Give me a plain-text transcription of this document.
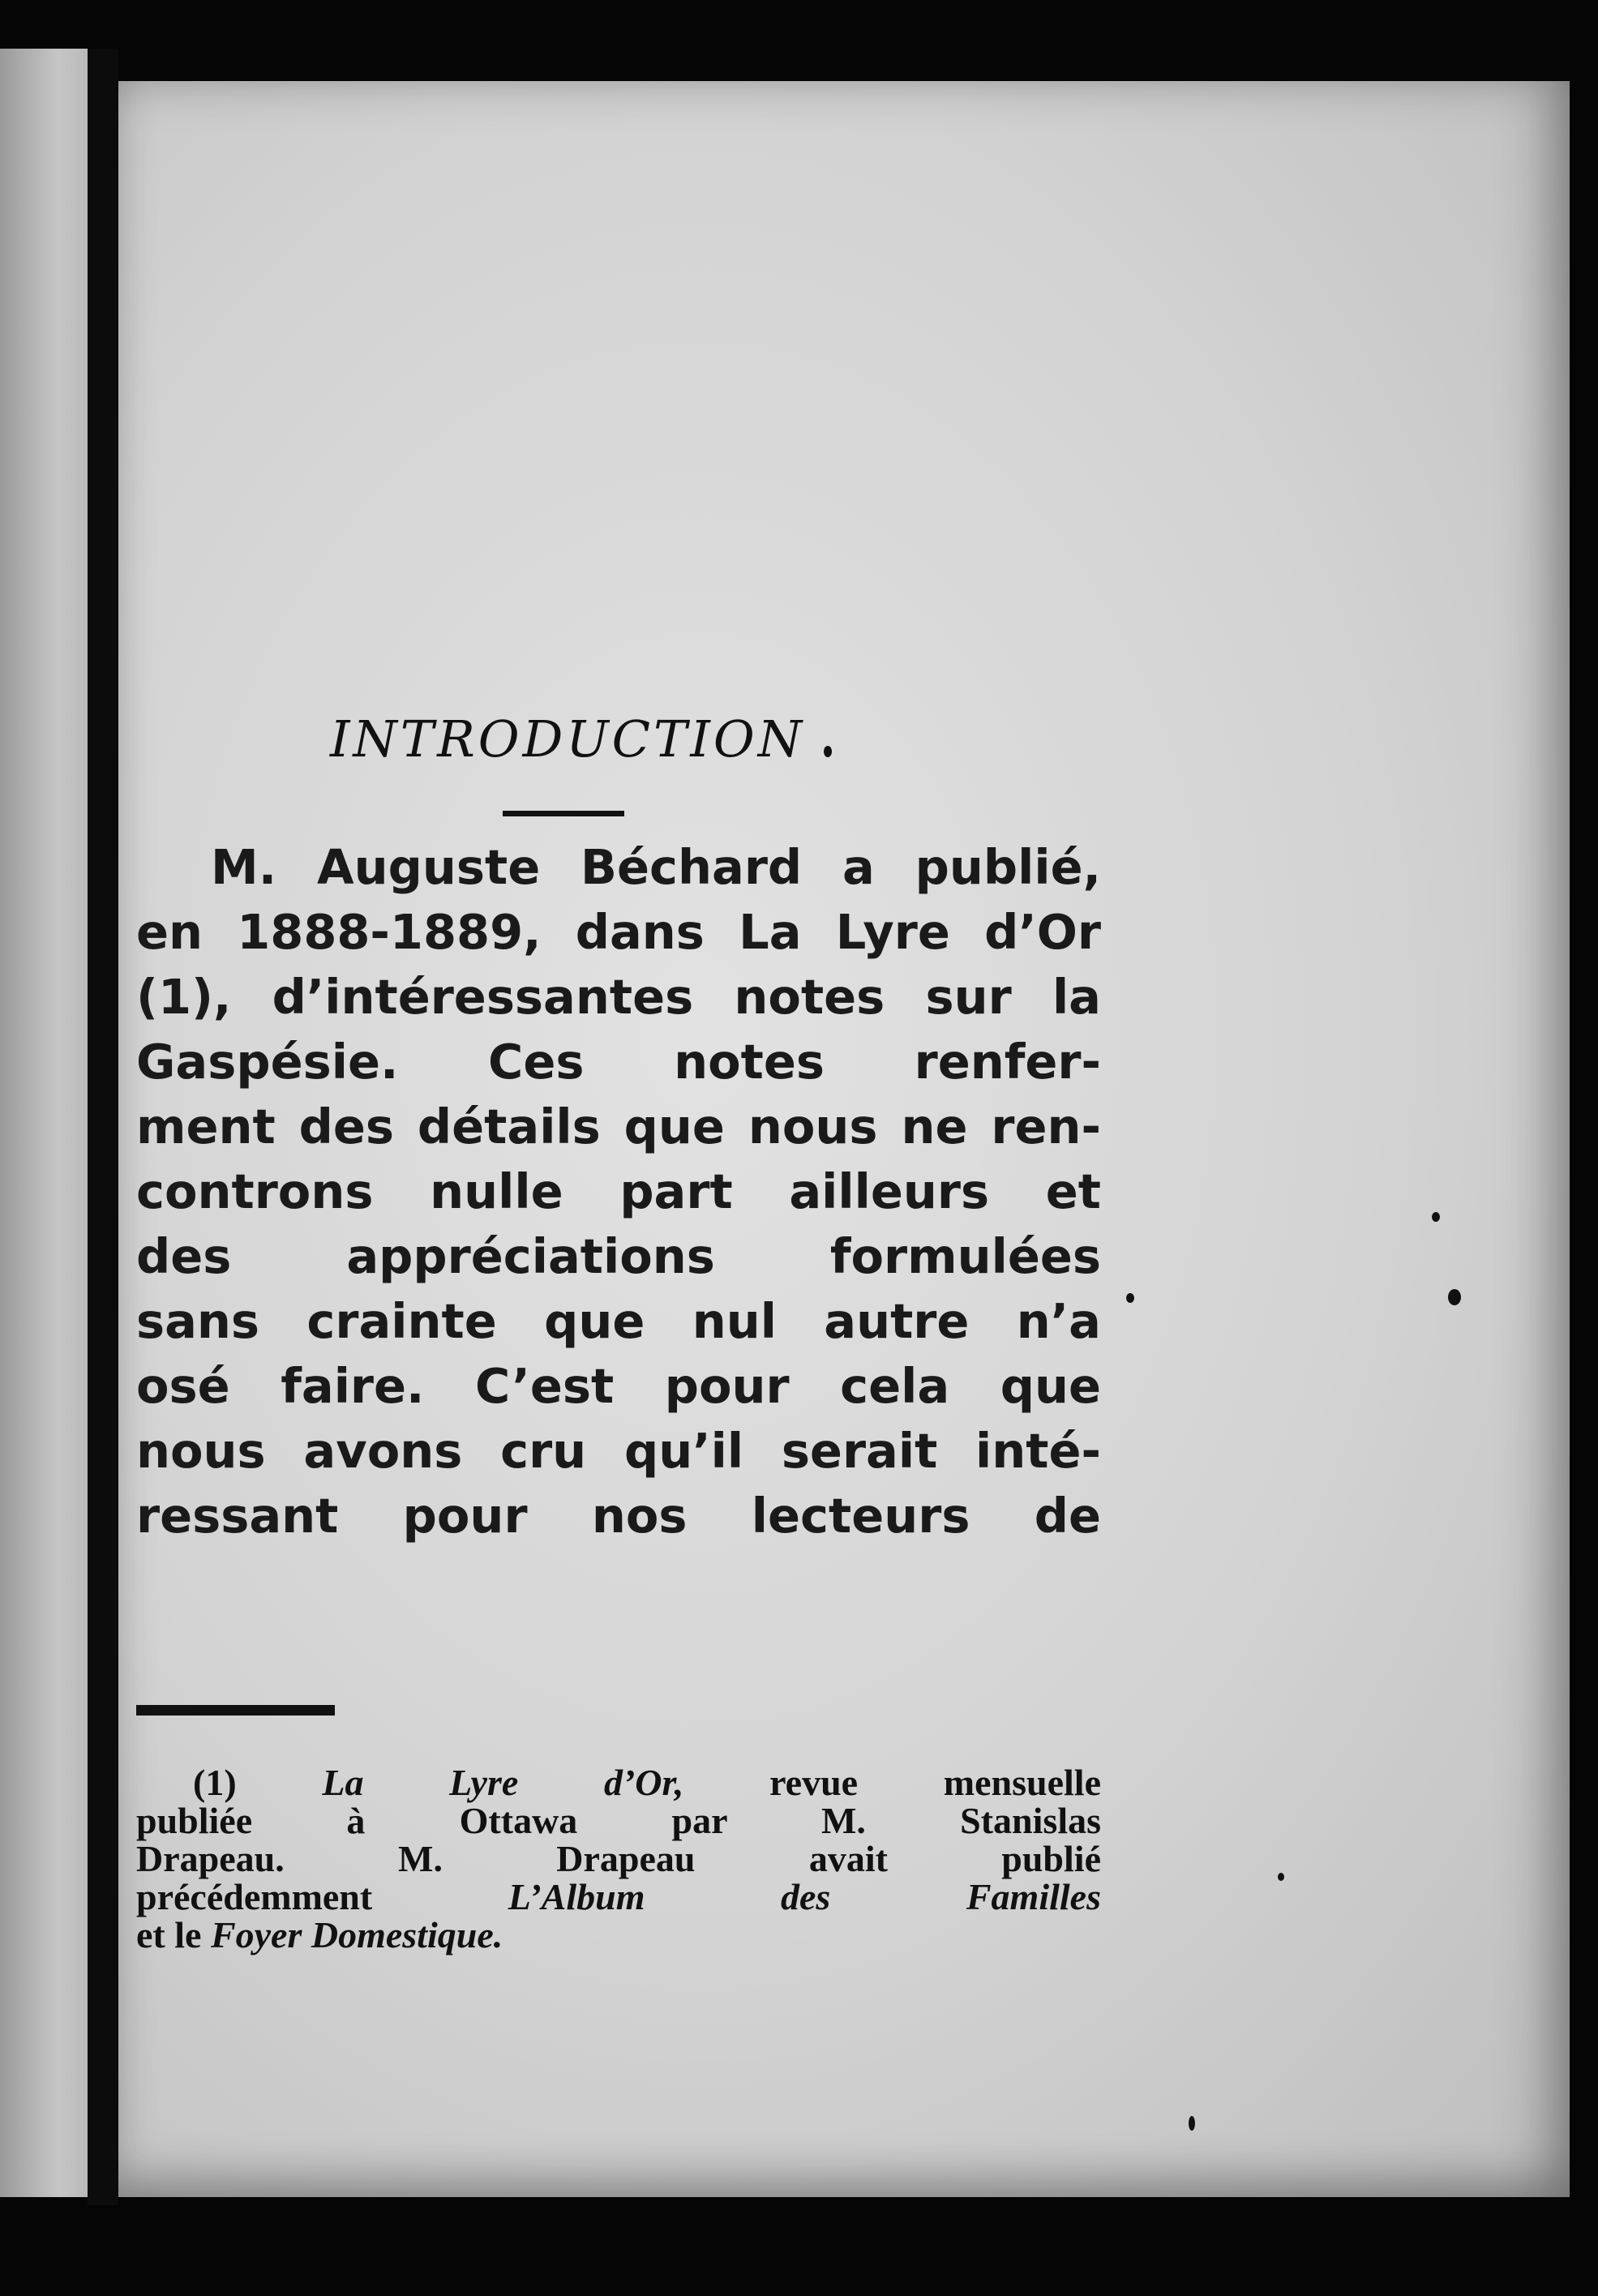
INTRODUCTION
M. Auguste Béchard a publié,
en 1888-1889, dans La Lyre d’Or
(1), d’intéressantes notes sur la
Gaspésie. Ces notes renfer-
ment des détails que nous ne ren-
controns nulle part ailleurs et
des appréciations formulées
sans crainte que nul autre n’a
osé faire. C’est pour cela que
nous avons cru qu’il serait inté-
ressant pour nos lecteurs de
(1) La Lyre d’Or, revue mensuelle
publiée à Ottawa par M. Stanislas
Drapeau. M. Drapeau avait publié
précédemment	L’Album des Familles
et le Foyer Domestique.
